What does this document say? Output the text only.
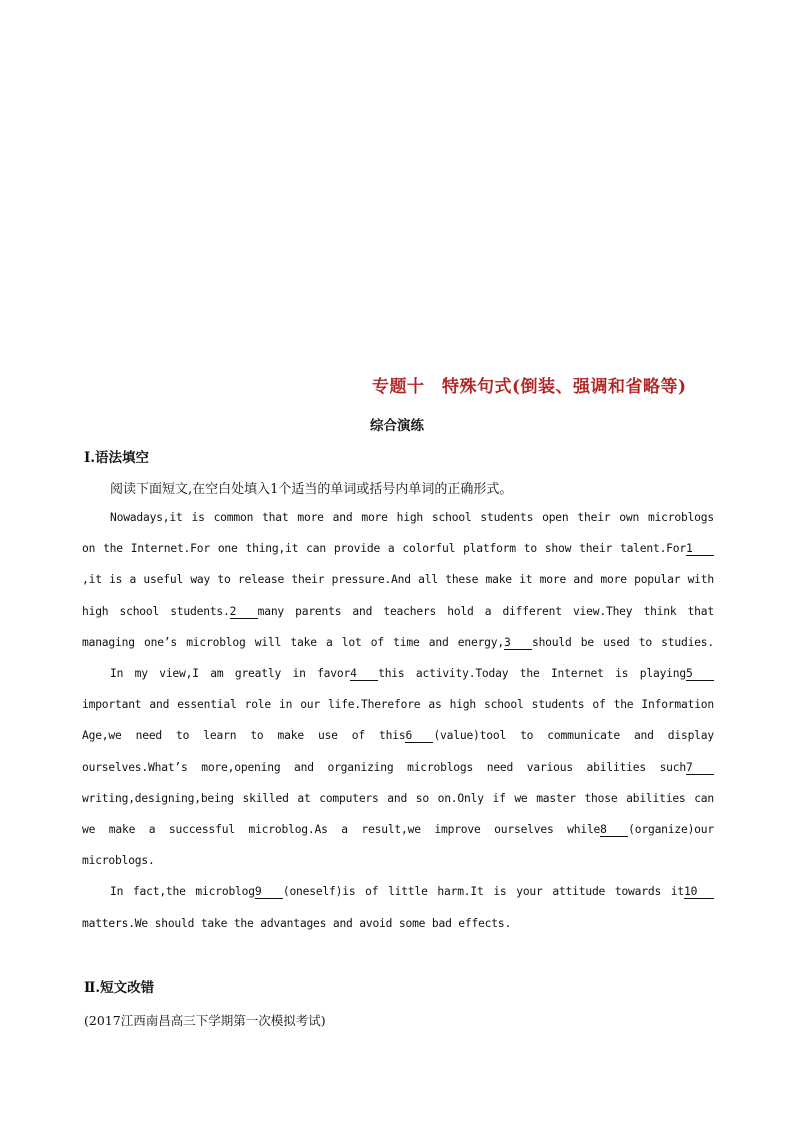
专题十　特殊句式(倒装、强调和省略等)
综合演练
Ⅰ.语法填空
阅读下面短文,在空白处填入1个适当的单词或括号内单词的正确形式。
Nowadays,it is common that more and more high school students open their own microblogs
on the Internet.For one thing,it can provide a colorful platform to show their talent.For1
,it is a useful way to release their pressure.And all these make it more and more popular with
high school students.2 many parents and teachers hold a different view.They think that
managing one’s microblog will take a lot of time and energy,3 should be used to studies.
In my view,I am greatly in favor4 this activity.Today the Internet is playing5
important and essential role in our life.Therefore as high school students of the Information
Age,we need to learn to make use of this6 (value)tool to communicate and display
ourselves.What’s more,opening and organizing microblogs need various abilities such7
writing,designing,being skilled at computers and so on.Only if we master those abilities can
we make a successful microblog.As a result,we improve ourselves while8 (organize)our
microblogs.
In fact,the microblog9 (oneself)is of little harm.It is your attitude towards it10
matters.We should take the advantages and avoid some bad effects.
Ⅱ.短文改错
(2017江西南昌高三下学期第一次模拟考试)
